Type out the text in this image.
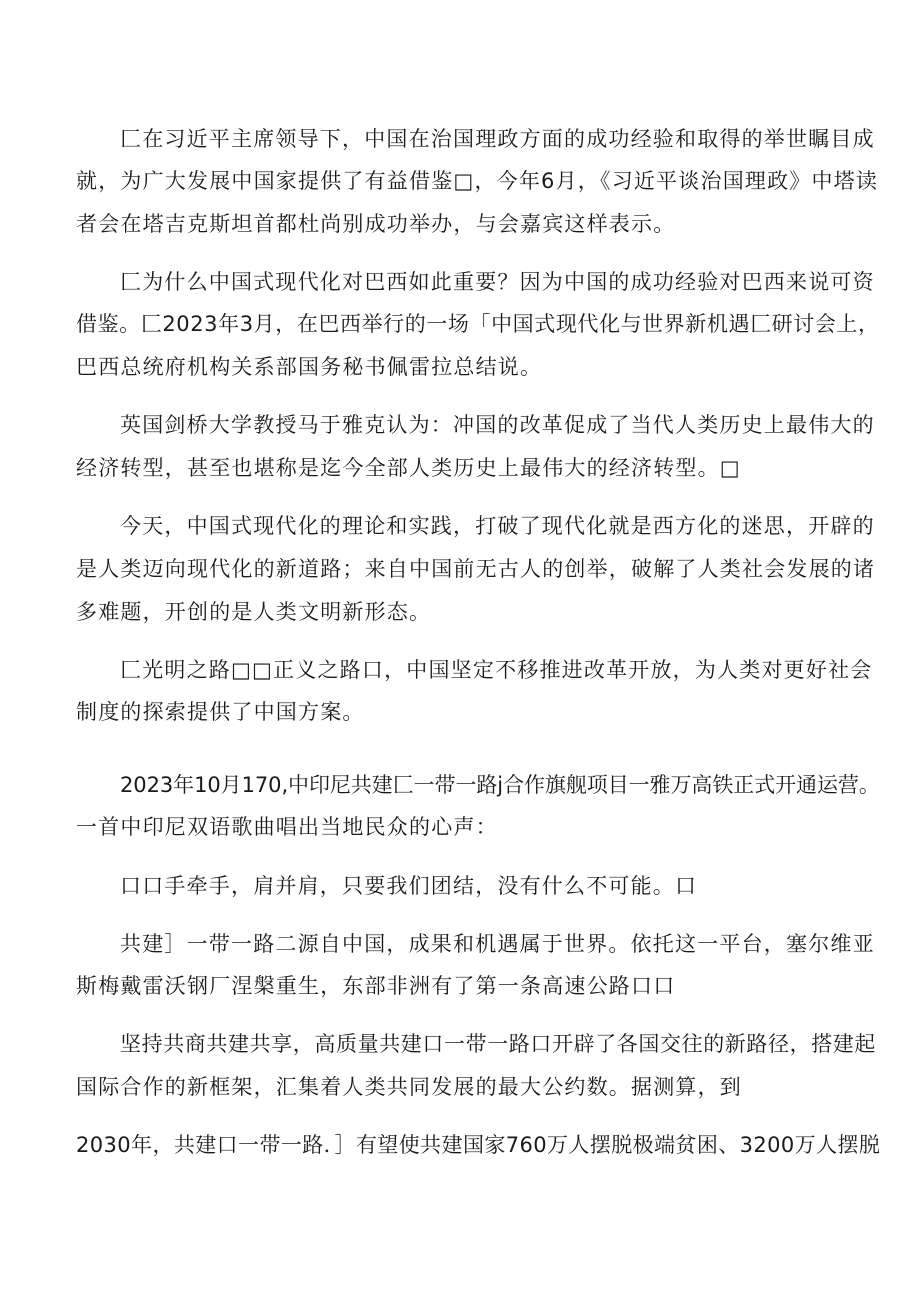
匚在习近平主席领导下，中国在治国理政方面的成功经验和取得的举世瞩目成

就，为广大发展中国家提供了有益借鉴□，今年6月，《习近平谈治国理政》中塔读

者会在塔吉克斯坦首都杜尚别成功举办，与会嘉宾这样表示。

匚为什么中国式现代化对巴西如此重要？因为中国的成功经验对巴西来说可资

借鉴。匚2023年3月，在巴西举行的一场「中国式现代化与世界新机遇匚研讨会上，

巴西总统府机构关系部国务秘书佩雷拉总结说。

英国剑桥大学教授马于雅克认为：冲国的改革促成了当代人类历史上最伟大的

经济转型，甚至也堪称是迄今全部人类历史上最伟大的经济转型。□

今天，中国式现代化的理论和实践，打破了现代化就是西方化的迷思，开辟的

是人类迈向现代化的新道路；来自中国前无古人的创举，破解了人类社会发展的诸

多难题，开创的是人类文明新形态。

匚光明之路□□正义之路口，中国坚定不移推进改革开放，为人类对更好社会

制度的探索提供了中国方案。

2023年10月170,中印尼共建匚一带一路j合作旗舰项目一雅万高铁正式开通运营。

一首中印尼双语歌曲唱出当地民众的心声：

口口手牵手，肩并肩，只要我们团结，没有什么不可能。口

共建］一带一路二源自中国，成果和机遇属于世界。依托这一平台，塞尔维亚

斯梅戴雷沃钢厂涅槃重生，东部非洲有了第一条高速公路口口

坚持共商共建共享，高质量共建口一带一路口开辟了各国交往的新路径，搭建起

国际合作的新框架，汇集着人类共同发展的最大公约数。据测算，到

2030年，共建口一带一路．］有望使共建国家760万人摆脱极端贫困、3200万人摆脱
